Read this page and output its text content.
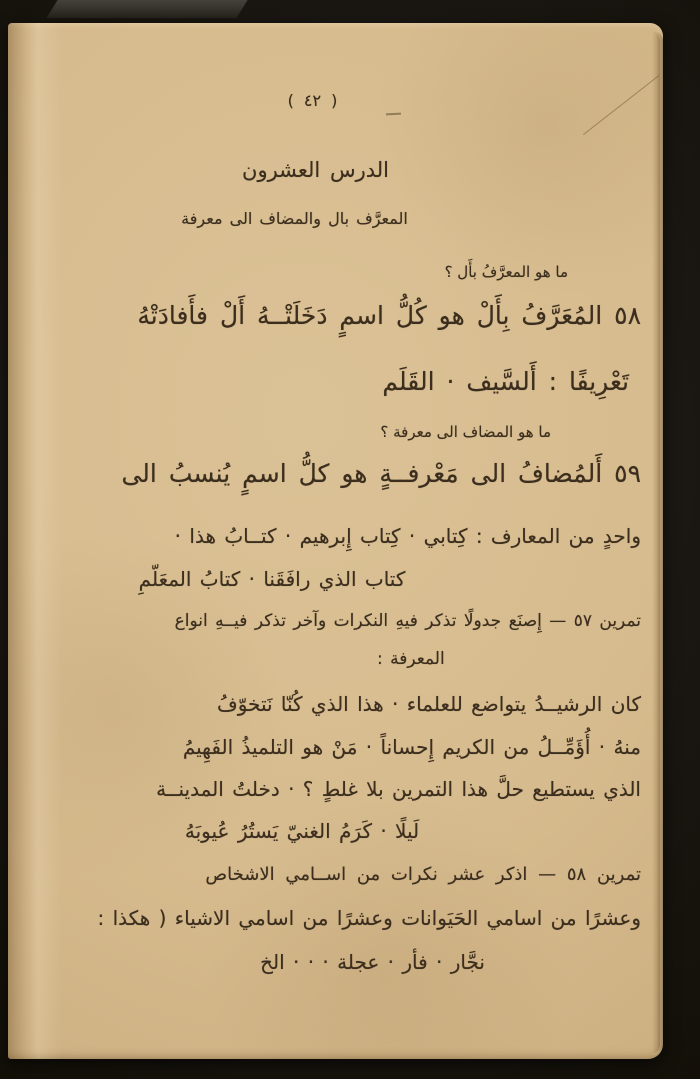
( ٤٢ )
الدرس العشرون
المعرَّف بال والمضاف الى معرفة
ما هو المعرَّفُ بأَل ؟
٥٨ المُعَرَّفُ بِأَلْ هو كُلُّ اسمٍ دَخَلَتْــهُ أَلْ فأَفادَتْهُ
تَعْرِيفًا : أَلسَّيف · القَلَم
ما هو المضاف الى معرفة ؟
٥٩ أَلمُضافُ الى مَعْرفــةٍ هو كلُّ اسمٍ يُنسبُ الى
واحدٍ من المعارف : كِتابي · كِتاب إِبرهيم · كتــابُ هذا ·
كتاب الذي رافَقَنا · كتابُ المعَلّمِ
تمرين ٥٧ — إِصنَع جدولًا تذكر فيهِ النكرات وآخر تذكر فيــهِ انواع
المعرفة :
كان الرشيــدُ يتواضع للعلماء · هذا الذي كُنّا نَتخوّفُ
منهُ · أُؤَمِّــلُ من الكريم إِحساناً · مَنْ هو التلميذُ الفَهِيمُ
الذي يستطيع حلَّ هذا التمرين بلا غلطٍ ؟ · دخلتُ المدينــة
لَيلًا · كَرَمُ الغنيّ يَستُرُ عُيوبَهُ
تمرين ٥٨ — اذكر عشر نكرات من اســامي الاشخاص
وعشرًا من اسامي الحَيَوانات وعشرًا من اسامي الاشياء ( هكذا :
نجَّار · فأر · عجلة · · · الخ
